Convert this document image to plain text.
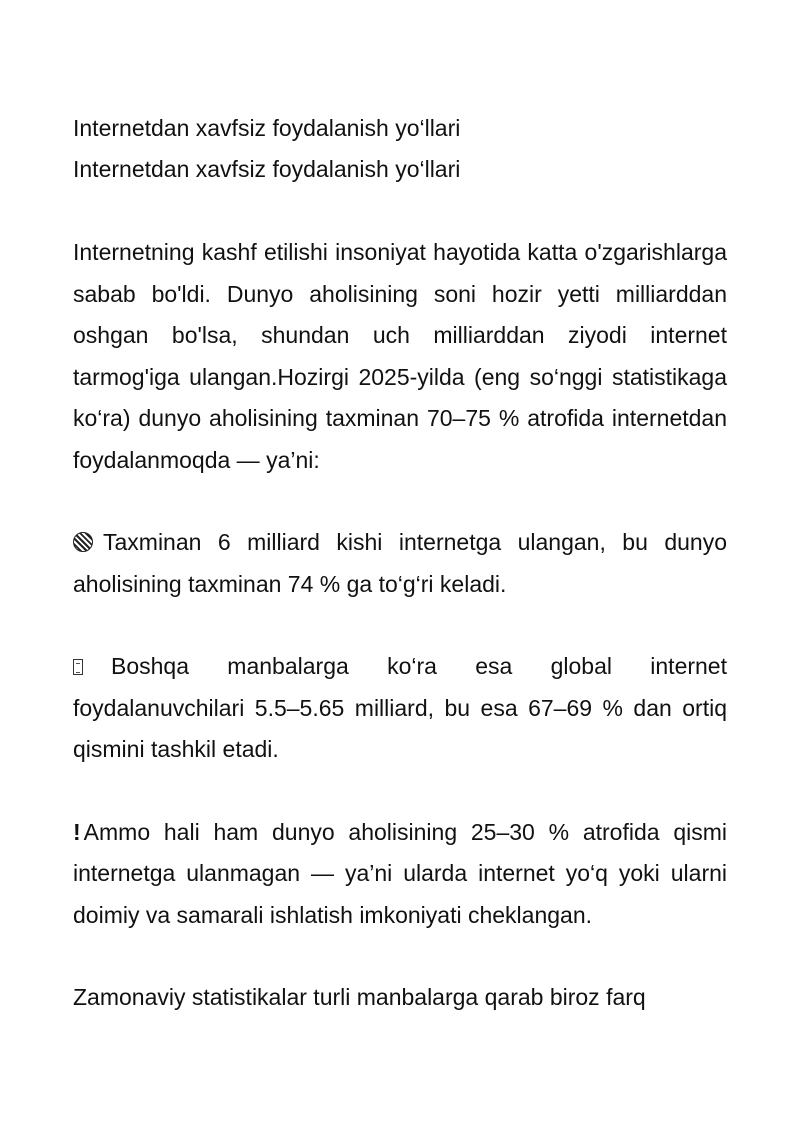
Internetdan xavfsiz foydalanish yo‘llari

Internetdan xavfsiz foydalanish yo‘llari

Internetning kashf etilishi insoniyat hayotida katta o'zgarishlarga sabab bo'ldi. Dunyo aholisining soni hozir yetti milliarddan oshgan bo'lsa, shundan uch milliarddan ziyodi internet tarmog'iga ulangan.Hozirgi 2025-yilda (eng so‘nggi statistikaga ko‘ra) dunyo aholisining taxminan 70–75 % atrofida internetdan foydalanmoqda — ya’ni:

Taxminan 6 milliard kishi internetga ulangan, bu dunyo aholisining taxminan 74 % ga to‘g‘ri keladi.

Boshqa manbalarga ko‘ra esa global internet foydalanuvchilari 5.5–5.65 milliard, bu esa 67–69 % dan ortiq qismini tashkil etadi.

! Ammo hali ham dunyo aholisining 25–30 % atrofida qismi internetga ulanmagan — ya’ni ularda internet yo‘q yoki ularni doimiy va samarali ishlatish imkoniyati cheklangan.

Zamonaviy statistikalar turli manbalarga qarab biroz farq
